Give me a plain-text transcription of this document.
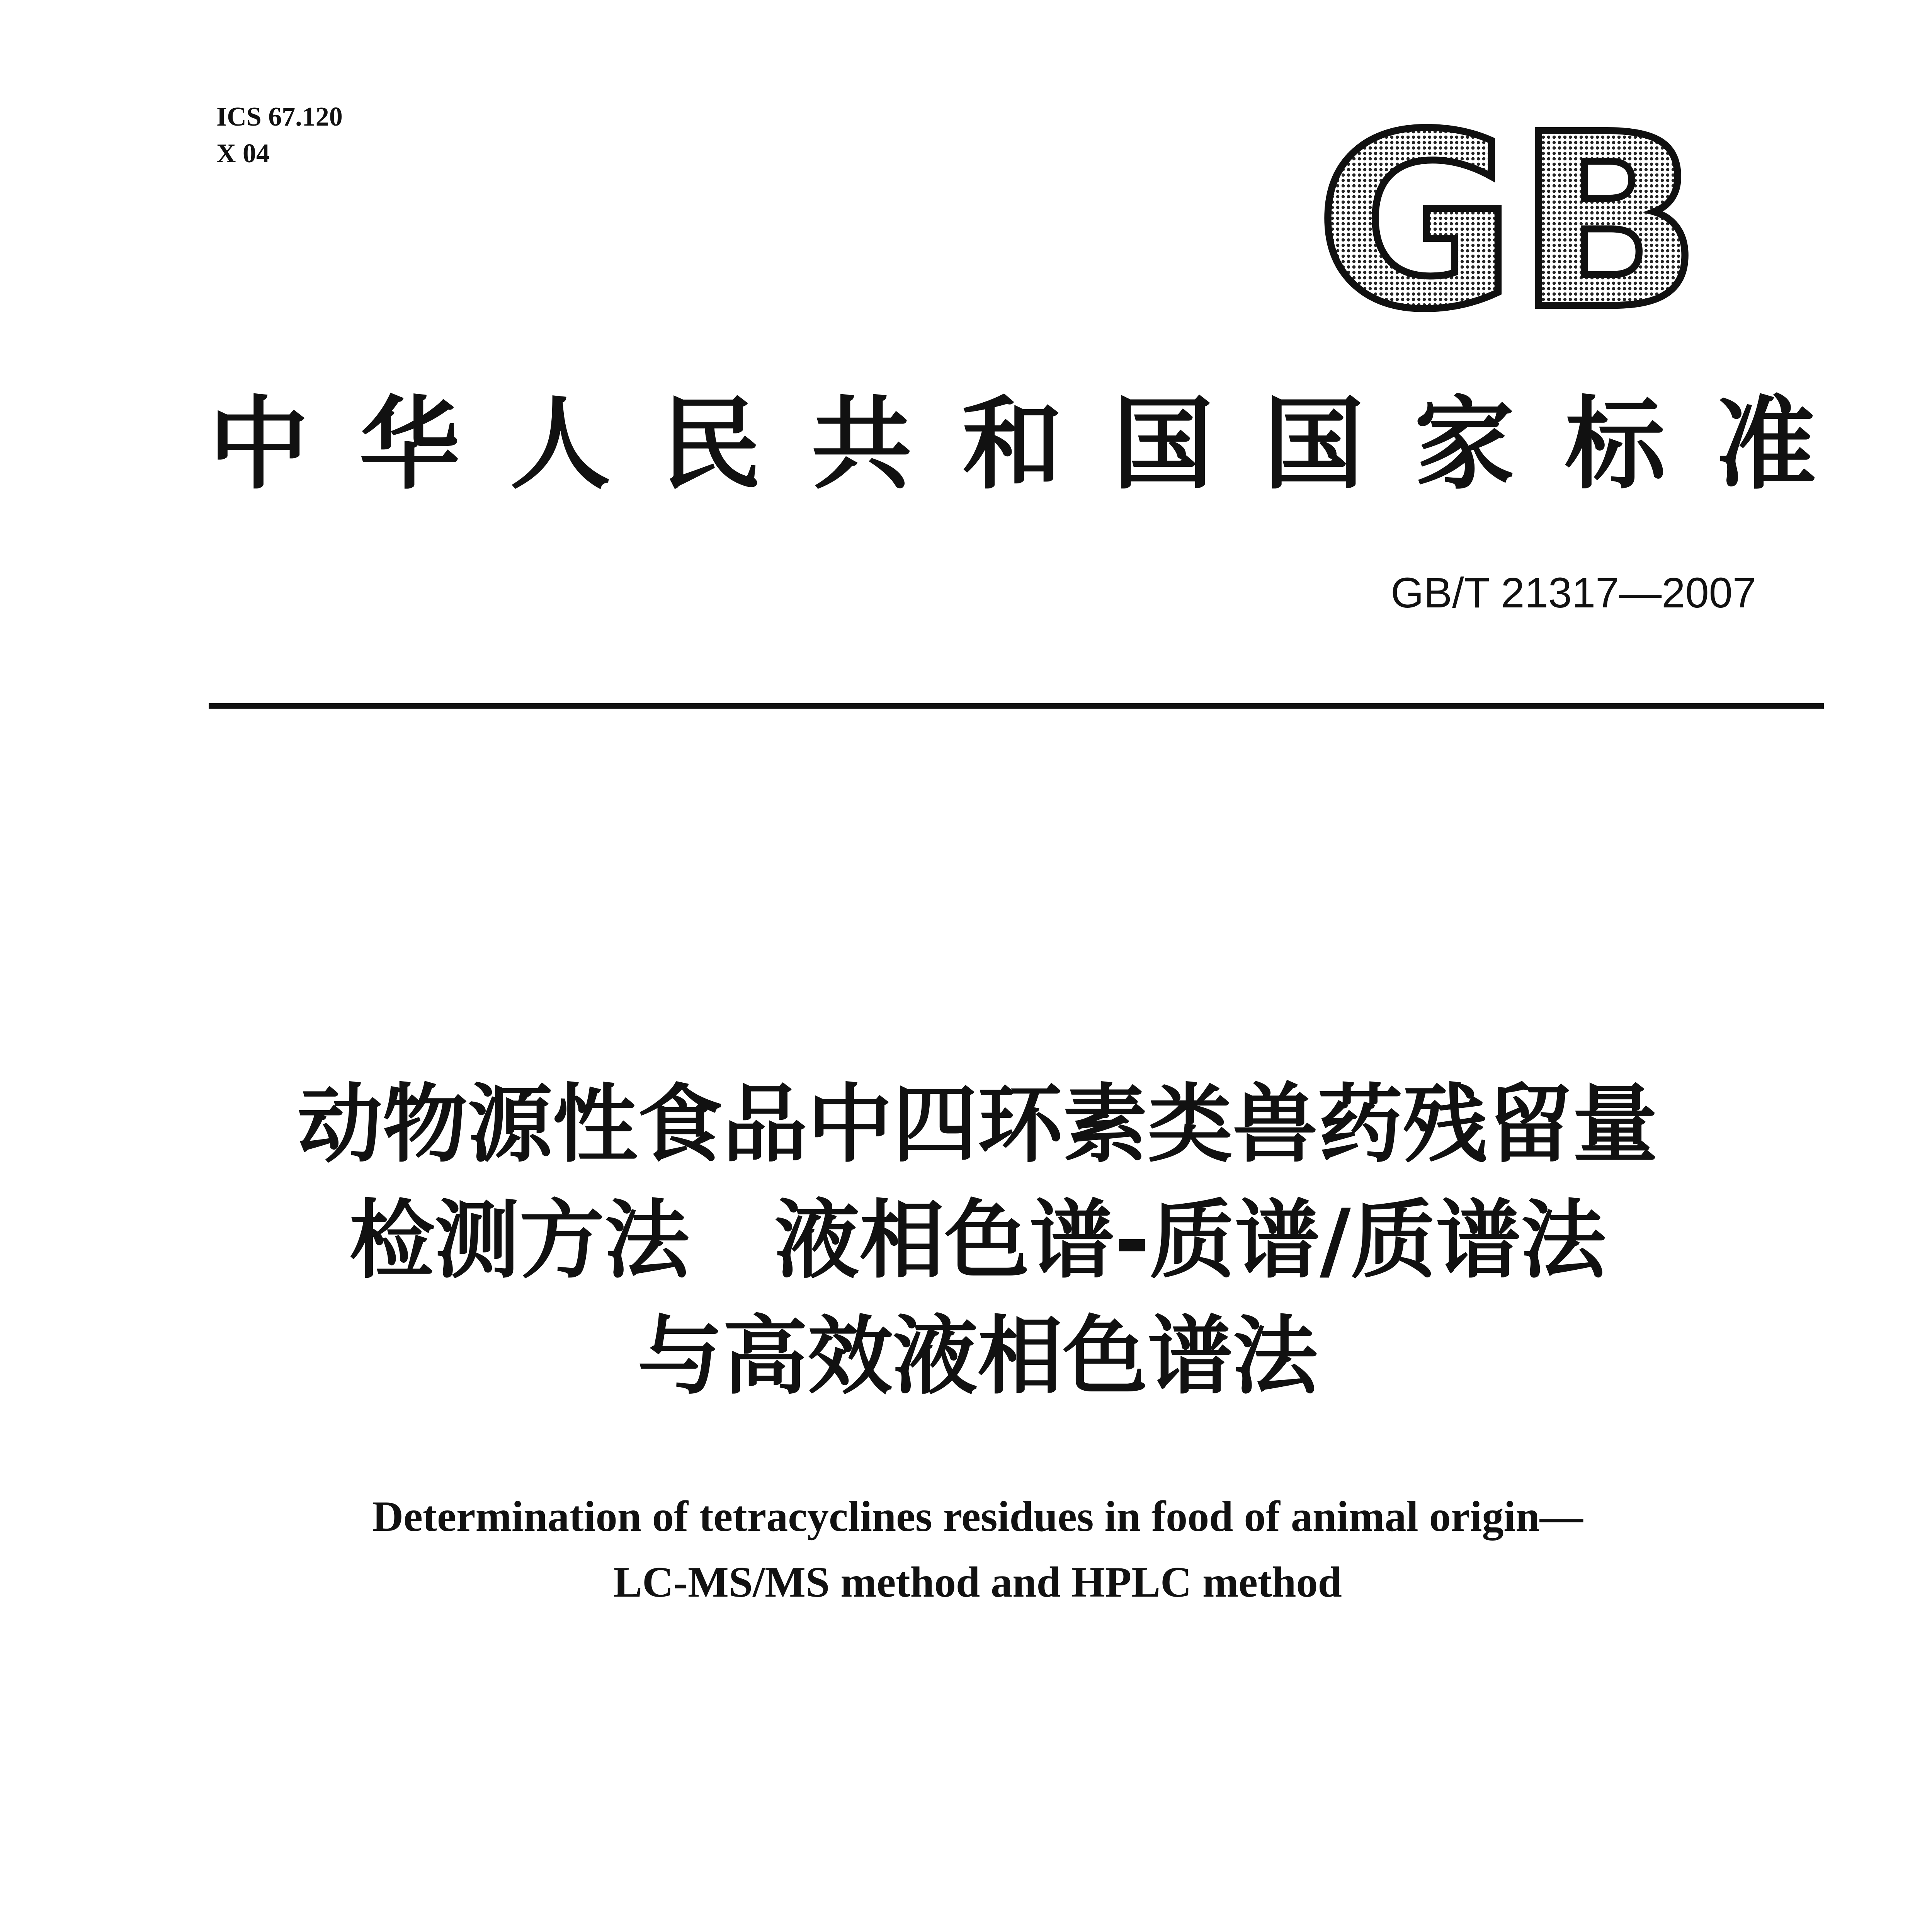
ICS 67.120
X 04	GB
中 华 人 民 共 和 国 国 家 标 准
GB/T 21317—2007
动物源性食品中四环素类兽药残留量
检测方法　液相色谱-质谱/质谱法
与高效液相色谱法
Determination of tetracyclines residues in food of animal origin—
LC-MS/MS method and HPLC method
